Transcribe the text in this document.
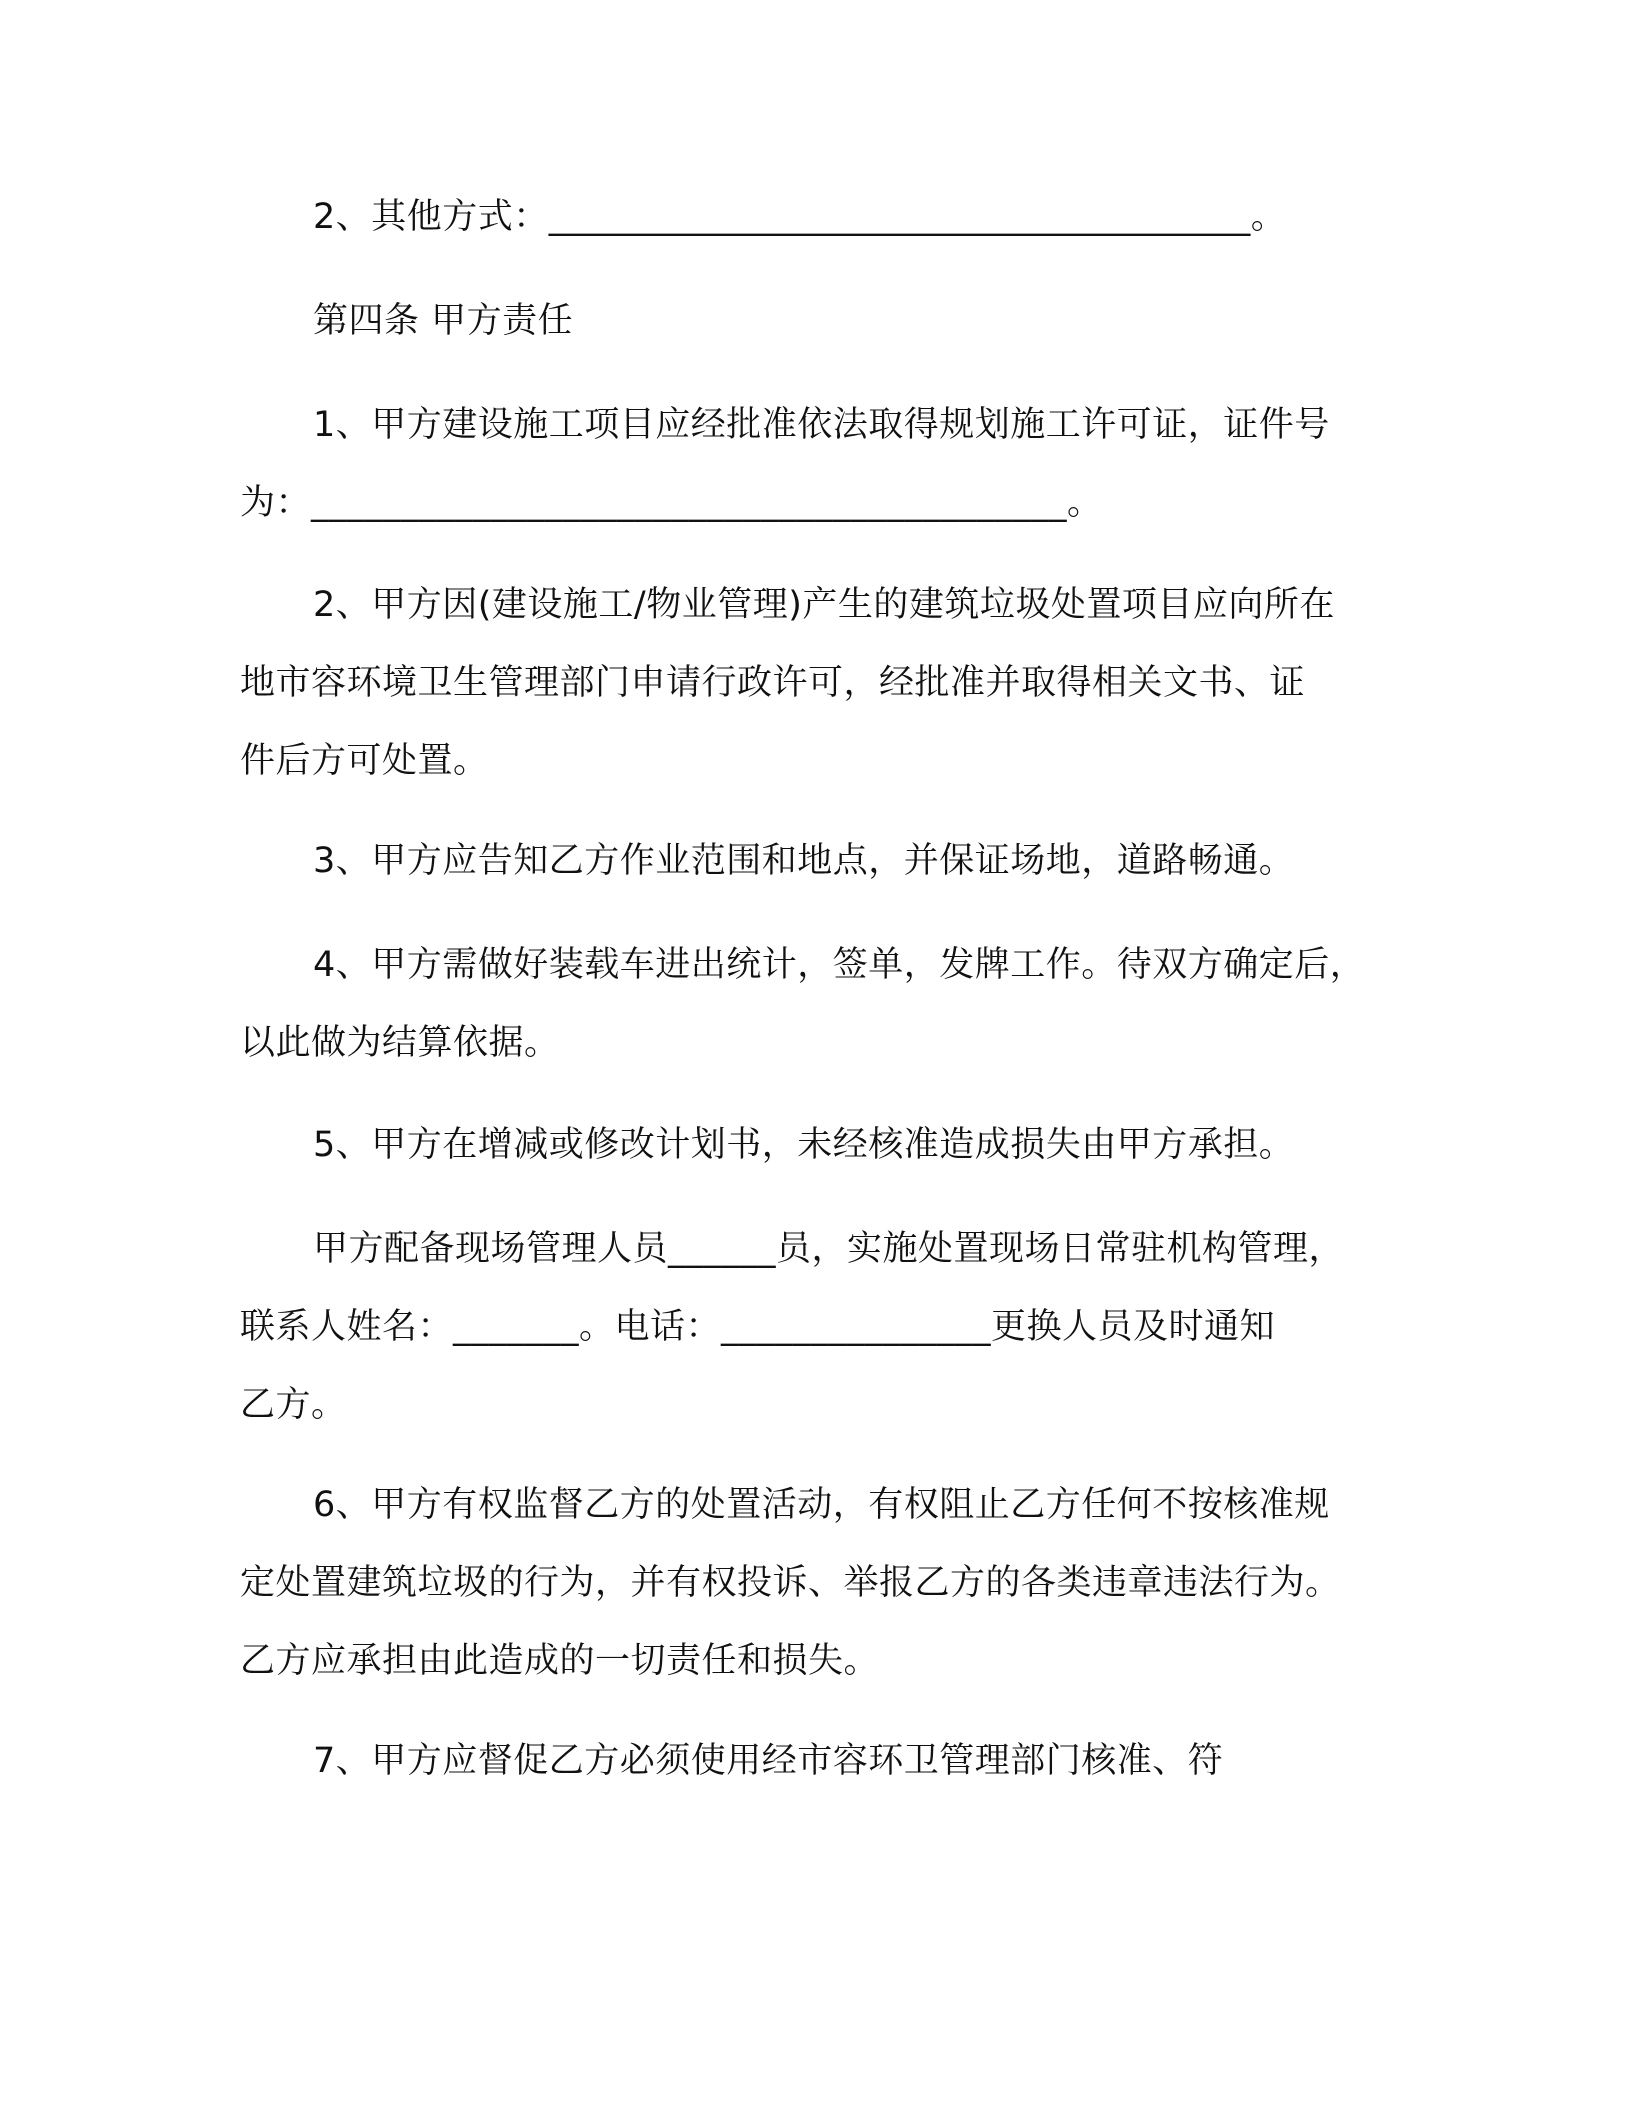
2、其他方式：_______________________________________。
第四条 甲方责任
1、甲方建设施工项目应经批准依法取得规划施工许可证，证件号
为：__________________________________________。
2、甲方因(建设施工/物业管理)产生的建筑垃圾处置项目应向所在
地市容环境卫生管理部门申请行政许可，经批准并取得相关文书、证
件后方可处置。
3、甲方应告知乙方作业范围和地点，并保证场地，道路畅通。
4、甲方需做好装载车进出统计，签单，发牌工作。待双方确定后，
以此做为结算依据。
5、甲方在增减或修改计划书，未经核准造成损失由甲方承担。
甲方配备现场管理人员______员，实施处置现场日常驻机构管理，
联系人姓名：_______。电话：_______________更换人员及时通知
乙方。
6、甲方有权监督乙方的处置活动，有权阻止乙方任何不按核准规
定处置建筑垃圾的行为，并有权投诉、举报乙方的各类违章违法行为。
乙方应承担由此造成的一切责任和损失。
7、甲方应督促乙方必须使用经市容环卫管理部门核准、符
